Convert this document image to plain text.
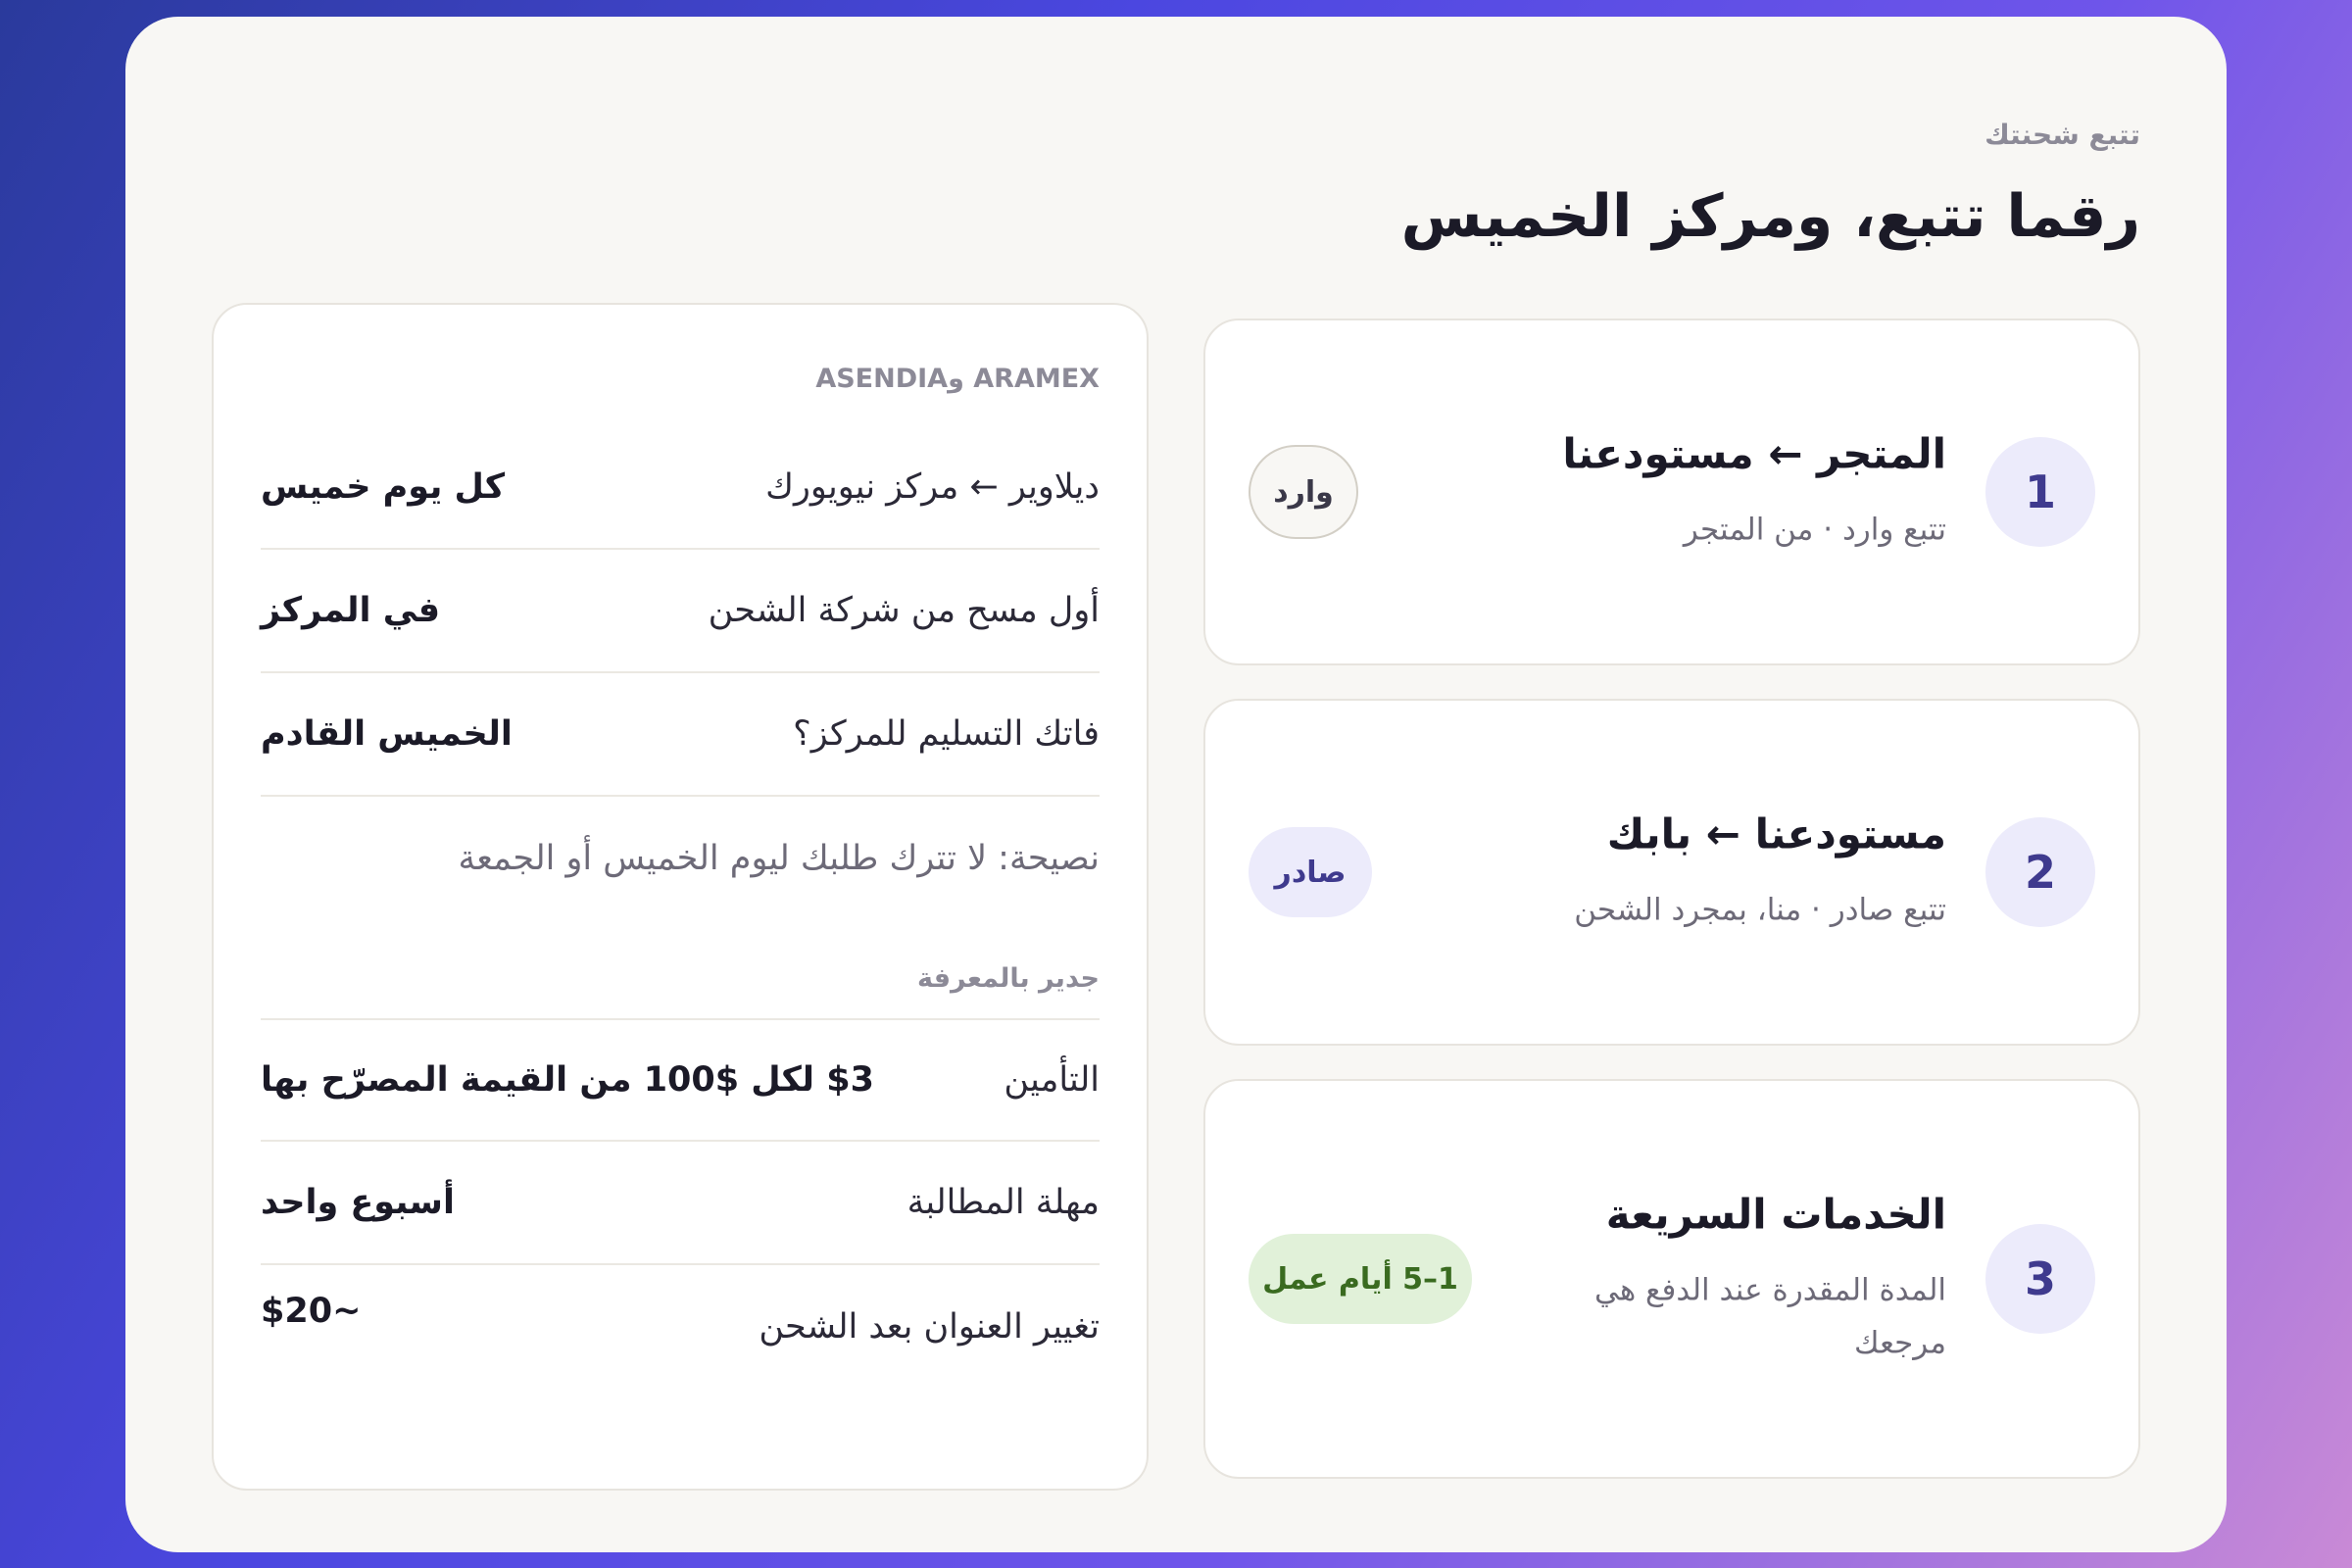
تتبع شحنتك

رقما تتبع، ومركز الخميس
1

المتجر ← مستودعنا

تتبع وارد · من المتجر

وارد
2

مستودعنا ← بابك

تتبع صادر · منا، بمجرد الشحن

صادر
3

الخدمات السريعة

المدة المقدرة عند الدفع هي مرجعك

1–5 أيام عمل

ARAMEX وASENDIA

ديلاوير ← مركز نيويورك
كل يوم خميس
أول مسح من شركة الشحن
في المركز
فاتك التسليم للمركز؟
الخميس القادم

نصيحة: لا تترك طلبك ليوم الخميس أو الجمعة

جدير بالمعرفة

التأمين
$3 لكل $100 من القيمة المصرّح بها
مهلة المطالبة
أسبوع واحد
تغيير العنوان بعد الشحن
~$20
